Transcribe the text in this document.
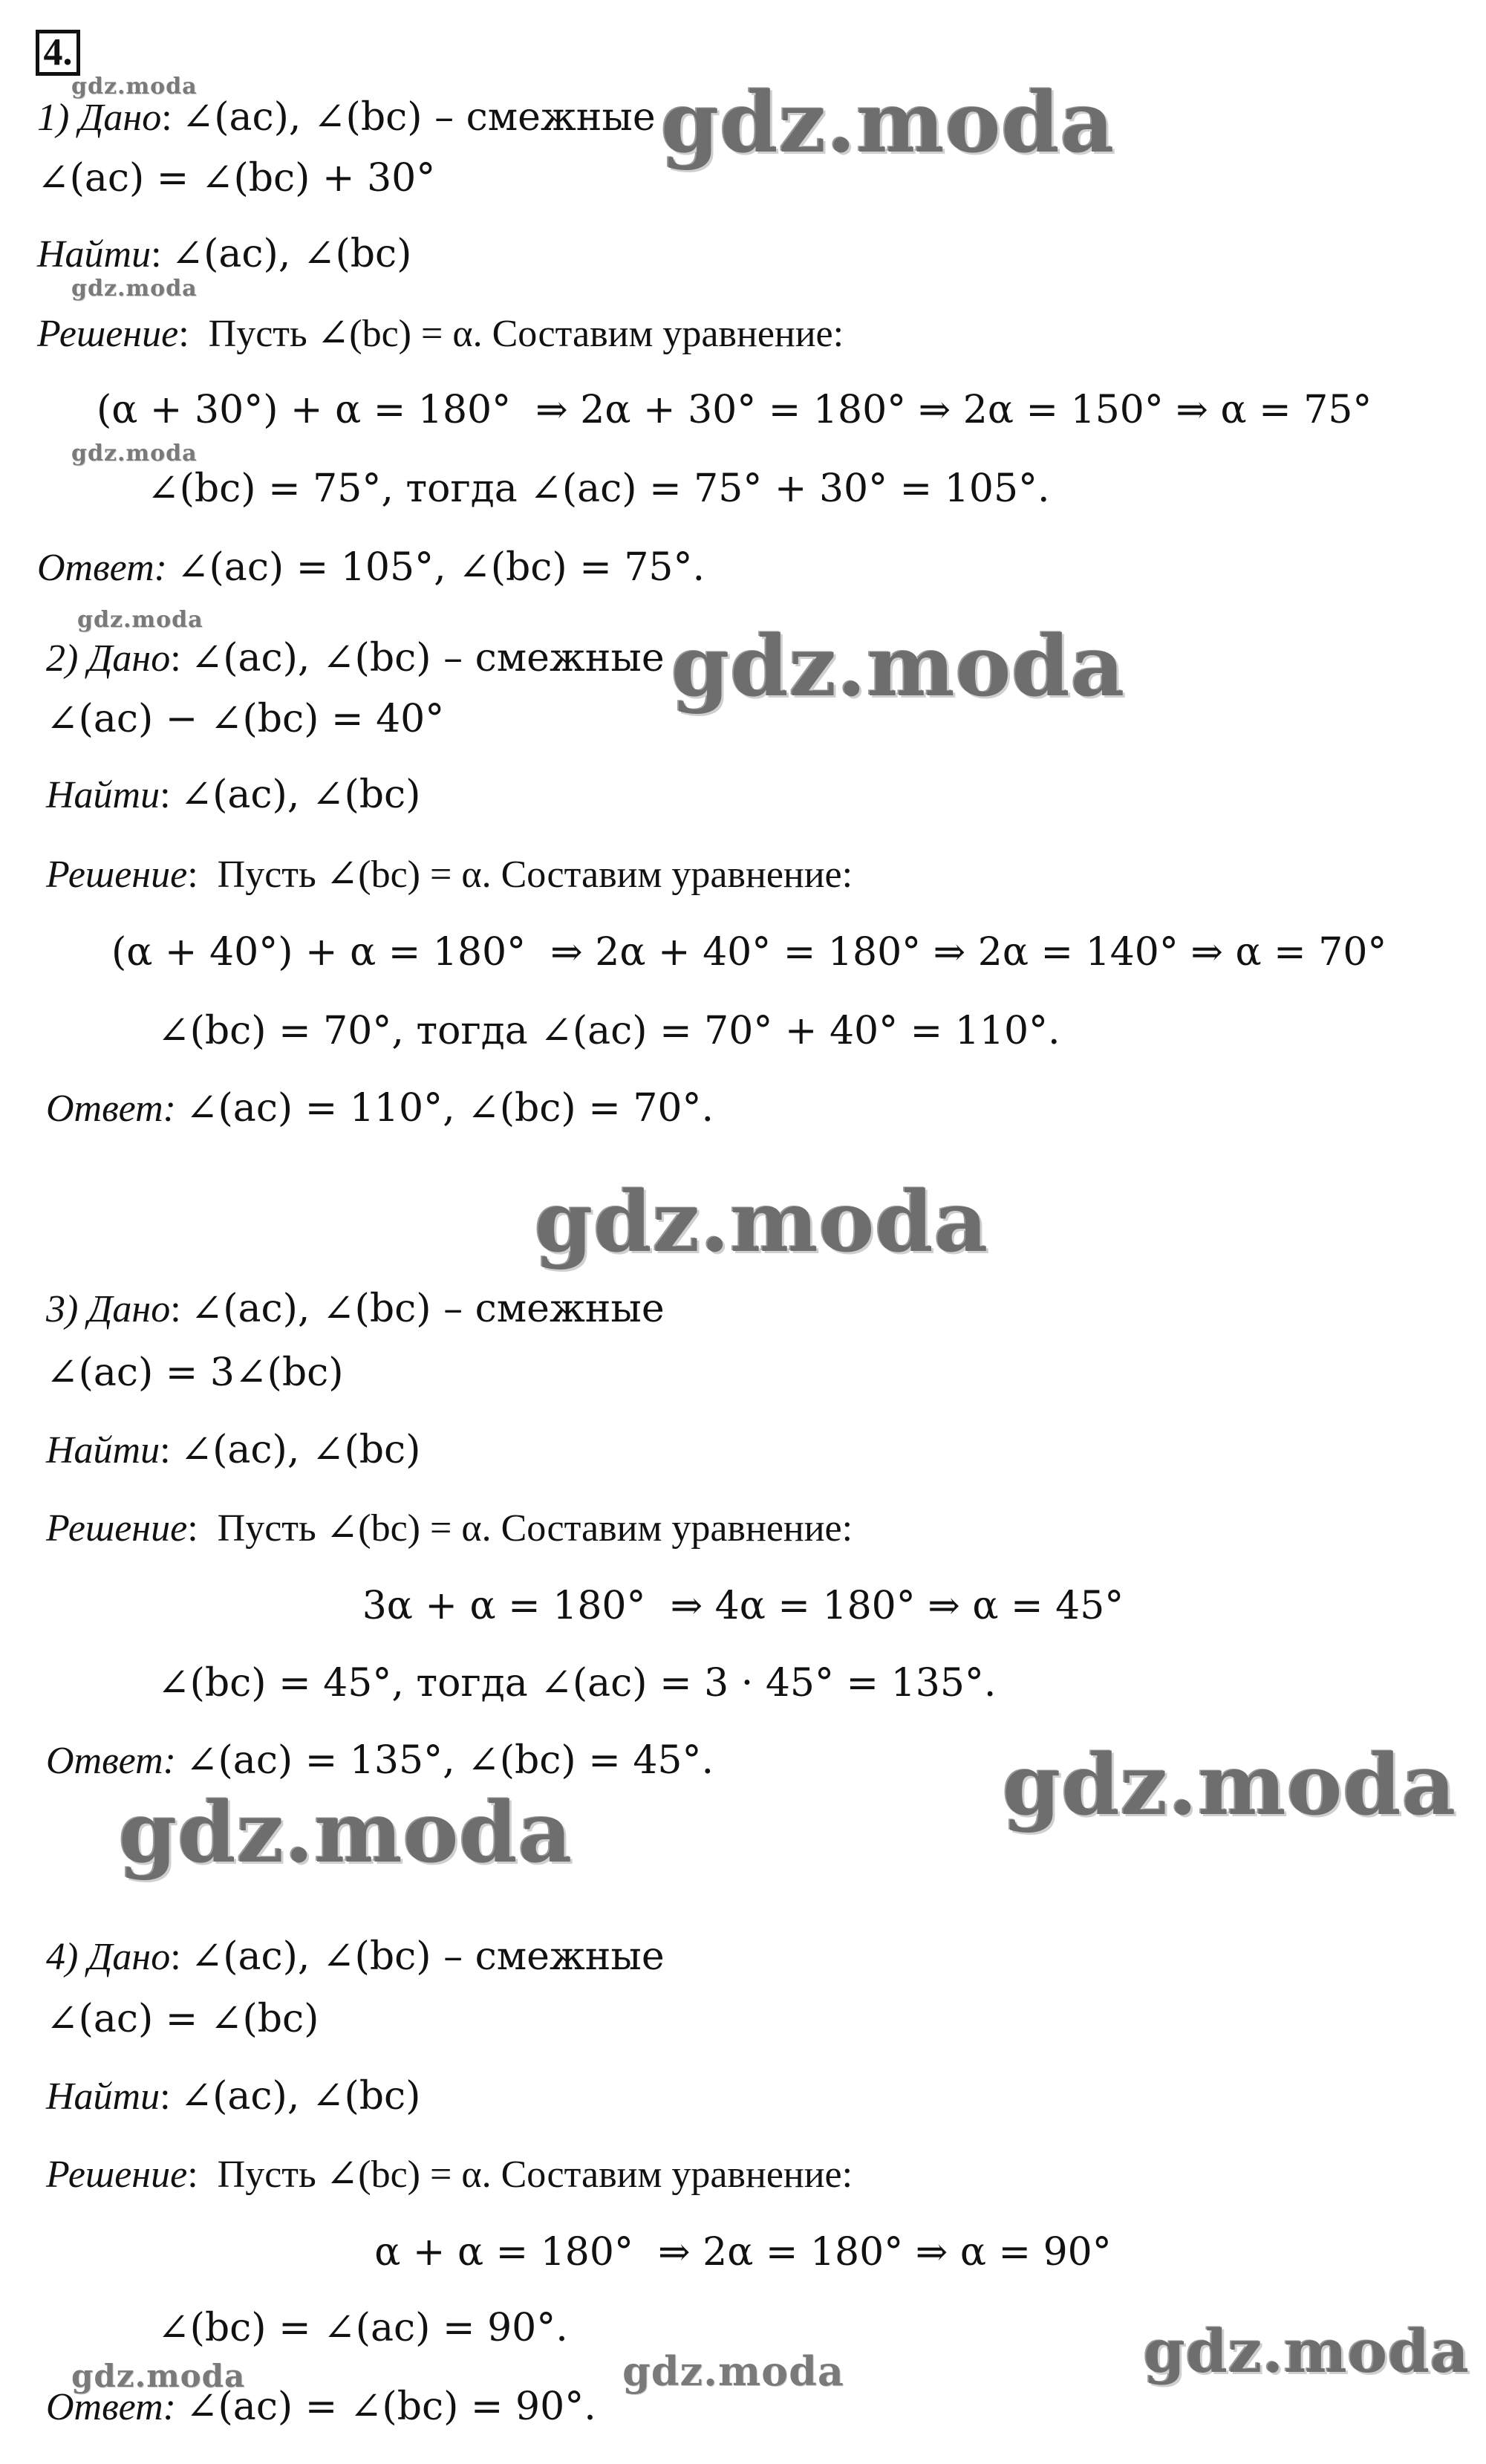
4.
1) Дано: ∠(ac), ∠(bc) – смежные
∠(ac) = ∠(bc) + 30°
Найти: ∠(ac), ∠(bc)
Решение:  Пусть ∠(bc) = α. Составим уравнение:
(α + 30°) + α = 180°  ⇒ 2α + 30° = 180° ⇒ 2α = 150° ⇒ α = 75°
∠(bc) = 75°, тогда ∠(ac) = 75° + 30° = 105°.
Ответ: ∠(ac) = 105°, ∠(bc) = 75°.
2) Дано: ∠(ac), ∠(bc) – смежные
∠(ac) − ∠(bc) = 40°
Найти: ∠(ac), ∠(bc)
Решение:  Пусть ∠(bc) = α. Составим уравнение:
(α + 40°) + α = 180°  ⇒ 2α + 40° = 180° ⇒ 2α = 140° ⇒ α = 70°
∠(bc) = 70°, тогда ∠(ac) = 70° + 40° = 110°.
Ответ: ∠(ac) = 110°, ∠(bc) = 70°.
3) Дано: ∠(ac), ∠(bc) – смежные
∠(ac) = 3∠(bc)
Найти: ∠(ac), ∠(bc)
Решение:  Пусть ∠(bc) = α. Составим уравнение:
3α + α = 180°  ⇒ 4α = 180° ⇒ α = 45°
∠(bc) = 45°, тогда ∠(ac) = 3 · 45° = 135°.
Ответ: ∠(ac) = 135°, ∠(bc) = 45°.
4) Дано: ∠(ac), ∠(bc) – смежные
∠(ac) = ∠(bc)
Найти: ∠(ac), ∠(bc)
Решение:  Пусть ∠(bc) = α. Составим уравнение:
α + α = 180°  ⇒ 2α = 180° ⇒ α = 90°
∠(bc) = ∠(ac) = 90°.
Ответ: ∠(ac) = ∠(bc) = 90°.
gdz.moda
gdz.moda
gdz.moda
gdz.moda	gdz.moda
gdz.moda
gdz.moda
gdz.moda
gdz.moda
gdz.moda
gdz.moda	gdz.moda
